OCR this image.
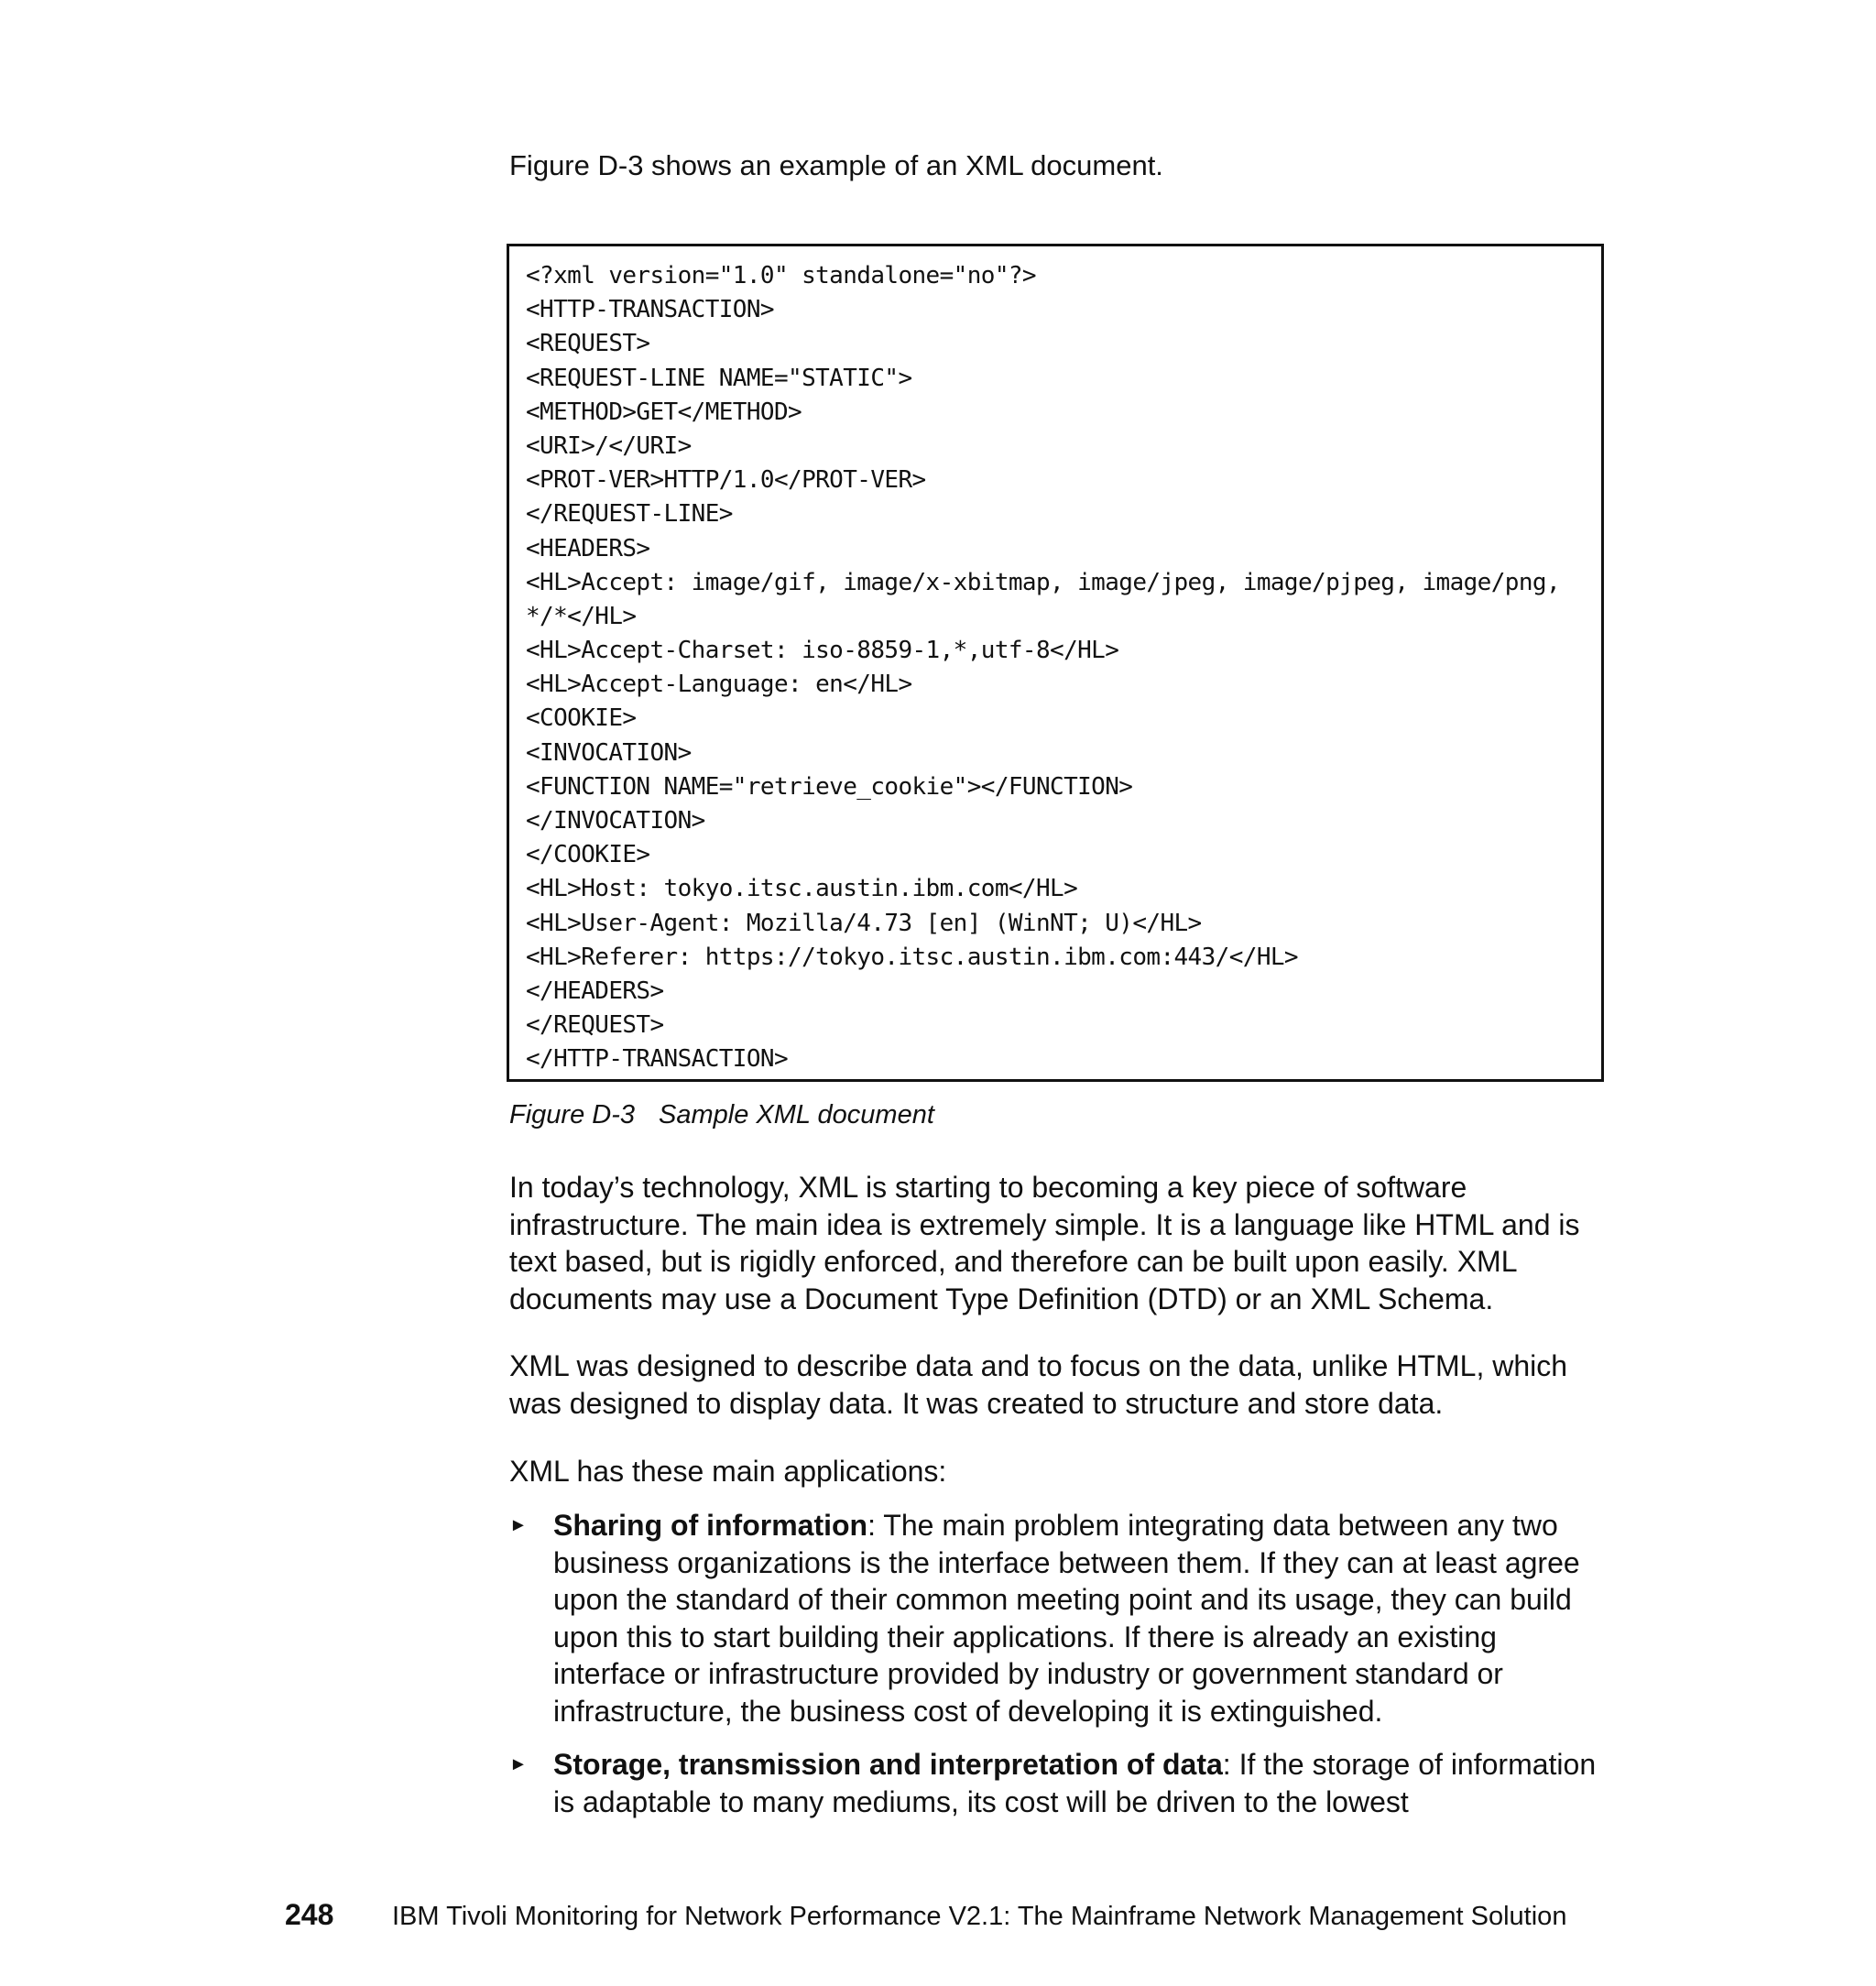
Figure D-3 shows an example of an XML document.

<?xml version="1.0" standalone="no"?>
<HTTP-TRANSACTION>
<REQUEST>
<REQUEST-LINE NAME="STATIC">
<METHOD>GET</METHOD>
<URI>/</URI>
<PROT-VER>HTTP/1.0</PROT-VER>
</REQUEST-LINE>
<HEADERS>
<HL>Accept: image/gif, image/x-xbitmap, image/jpeg, image/pjpeg, image/png,
*/*</HL>
<HL>Accept-Charset: iso-8859-1,*,utf-8</HL>
<HL>Accept-Language: en</HL>
<COOKIE>
<INVOCATION>
<FUNCTION NAME="retrieve_cookie"></FUNCTION>
</INVOCATION>
</COOKIE>
<HL>Host: tokyo.itsc.austin.ibm.com</HL>
<HL>User-Agent: Mozilla/4.73 [en] (WinNT; U)</HL>
<HL>Referer: https://tokyo.itsc.austin.ibm.com:443/</HL>
</HEADERS>
</REQUEST>
</HTTP-TRANSACTION>

Figure D-3 Sample XML document

In today’s technology, XML is starting to becoming a key piece of software infrastructure. The main idea is extremely simple. It is a language like HTML and is text based, but is rigidly enforced, and therefore can be built upon easily. XML documents may use a Document Type Definition (DTD) or an XML Schema.

XML was designed to describe data and to focus on the data, unlike HTML, which was designed to display data. It was created to structure and store data.

XML has these main applications:

► Sharing of information: The main problem integrating data between any two business organizations is the interface between them. If they can at least agree upon the standard of their common meeting point and its usage, they can build upon this to start building their applications. If there is already an existing interface or infrastructure provided by industry or government standard or infrastructure, the business cost of developing it is extinguished.
► Storage, transmission and interpretation of data: If the storage of information is adaptable to many mediums, its cost will be driven to the lowest

248 IBM Tivoli Monitoring for Network Performance V2.1: The Mainframe Network Management Solution
